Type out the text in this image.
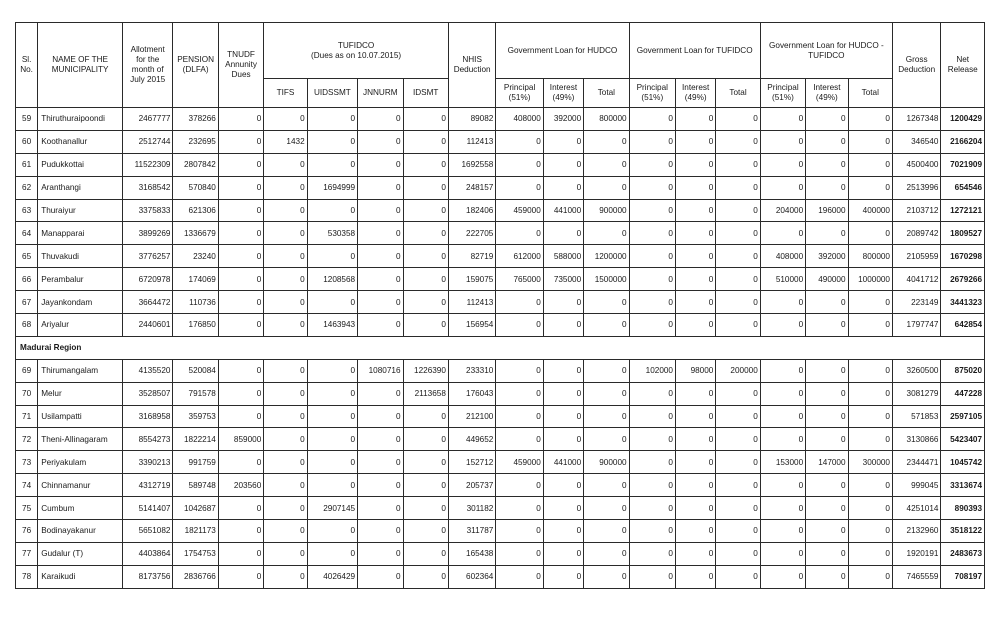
Sl. No.	NAME OF THE MUNICIPALITY	Allotment for the month of July 2015	PENSION (DLFA)	TNUDF Annunity Dues	TUFIDCO
(Dues as on 10.07.2015)				NHIS Deduction	Government Loan for HUDCO			Government Loan for TUFIDCO			Government Loan for HUDCO - TUFIDCO			Gross Deduction	Net Release
					TIFS	UIDSSMT	JNNURM	IDSMT												
										Principal (51%)	Interest (49%)	Total	Principal (51%)	Interest (49%)	Total	Principal (51%)	Interest (49%)	Total		
59	Thiruthuraipoondi	2467777	378266	0	0	0	0	0	89082	408000	392000	800000	0	0	0	0	0	0	1267348	1200429
60	Koothanallur	2512744	232695	0	1432	0	0	0	112413	0	0	0	0	0	0	0	0	0	346540	2166204
61	Pudukkottai	11522309	2807842	0	0	0	0	0	1692558	0	0	0	0	0	0	0	0	0	4500400	7021909
62	Aranthangi	3168542	570840	0	0	1694999	0	0	248157	0	0	0	0	0	0	0	0	0	2513996	654546
63	Thuraiyur	3375833	621306	0	0	0	0	0	182406	459000	441000	900000	0	0	0	204000	196000	400000	2103712	1272121
64	Manapparai	3899269	1336679	0	0	530358	0	0	222705	0	0	0	0	0	0	0	0	0	2089742	1809527
65	Thuvakudi	3776257	23240	0	0	0	0	0	82719	612000	588000	1200000	0	0	0	408000	392000	800000	2105959	1670298
66	Perambalur	6720978	174069	0	0	1208568	0	0	159075	765000	735000	1500000	0	0	0	510000	490000	1000000	4041712	2679266
67	Jayankondam	3664472	110736	0	0	0	0	0	112413	0	0	0	0	0	0	0	0	0	223149	3441323
68	Ariyalur	2440601	176850	0	0	1463943	0	0	156954	0	0	0	0	0	0	0	0	0	1797747	642854
Madurai Region																				
69	Thirumangalam	4135520	520084	0	0	0	1080716	1226390	233310	0	0	0	102000	98000	200000	0	0	0	3260500	875020
70	Melur	3528507	791578	0	0	0	0	2113658	176043	0	0	0	0	0	0	0	0	0	3081279	447228
71	Usilampatti	3168958	359753	0	0	0	0	0	212100	0	0	0	0	0	0	0	0	0	571853	2597105
72	Theni-Allinagaram	8554273	1822214	859000	0	0	0	0	449652	0	0	0	0	0	0	0	0	0	3130866	5423407
73	Periyakulam	3390213	991759	0	0	0	0	0	152712	459000	441000	900000	0	0	0	153000	147000	300000	2344471	1045742
74	Chinnamanur	4312719	589748	203560	0	0	0	0	205737	0	0	0	0	0	0	0	0	0	999045	3313674
75	Cumbum	5141407	1042687	0	0	2907145	0	0	301182	0	0	0	0	0	0	0	0	0	4251014	890393
76	Bodinayakanur	5651082	1821173	0	0	0	0	0	311787	0	0	0	0	0	0	0	0	0	2132960	3518122
77	Gudalur (T)	4403864	1754753	0	0	0	0	0	165438	0	0	0	0	0	0	0	0	0	1920191	2483673
78	Karaikudi	8173756	2836766	0	0	4026429	0	0	602364	0	0	0	0	0	0	0	0	0	7465559	708197
